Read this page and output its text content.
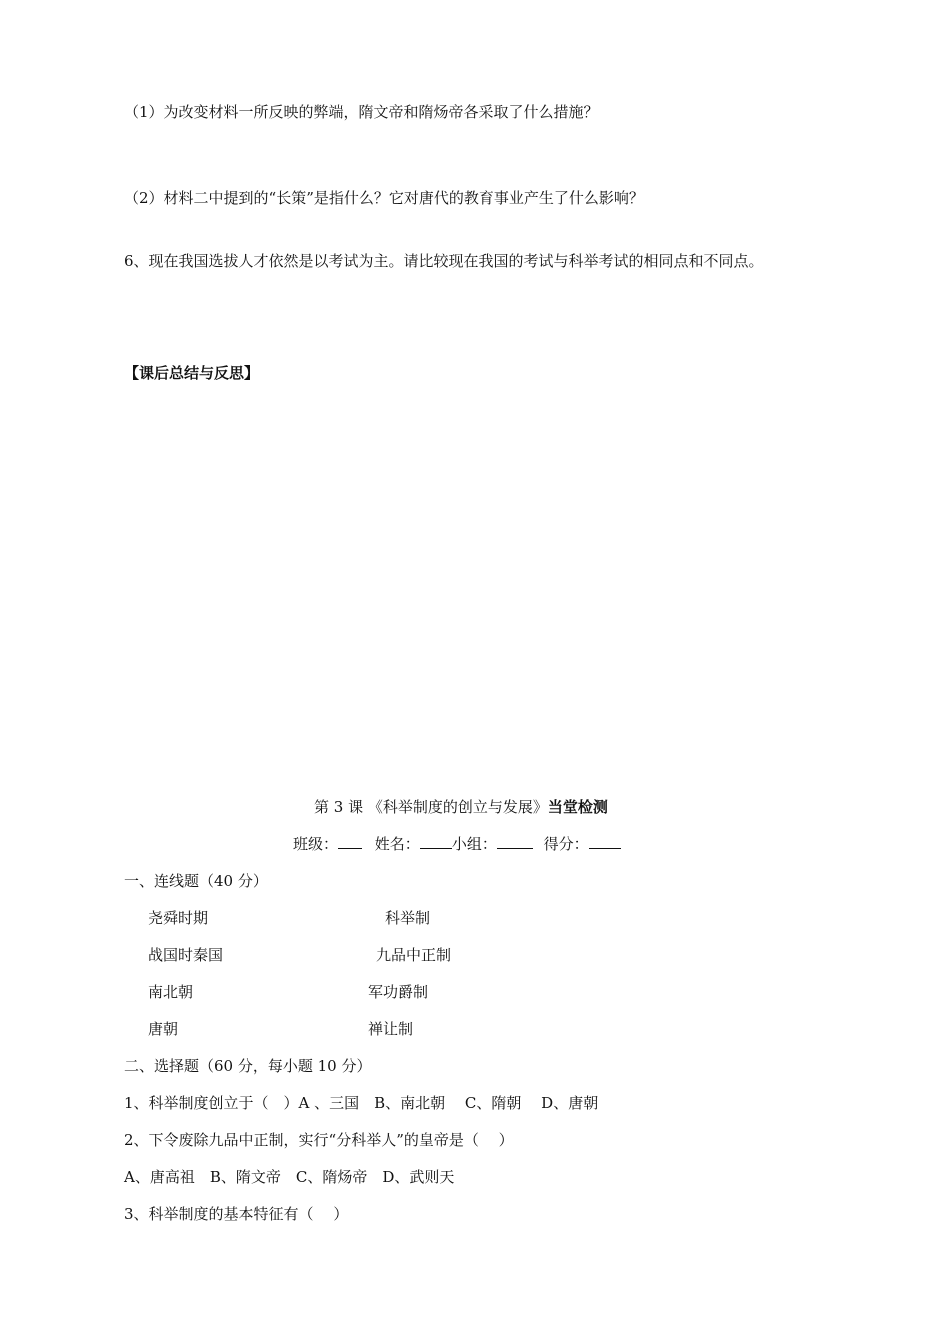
（1）为改变材料一所反映的弊端，隋文帝和隋炀帝各采取了什么措施？
（2）材料二中提到的“长策”是指什么？它对唐代的教育事业产生了什么影响？
6、现在我国选拔人才依然是以考试为主。请比较现在我国的考试与科举考试的相同点和不同点。
【课后总结与反思】
第 3 课 《科举制度的创立与发展》当堂检测
班级： 姓名： 小组：	得分：
一、连线题（40 分）
尧舜时期	科举制
战国时秦国	九品中正制
南北朝	军功爵制
唐朝	禅让制
二、选择题（60 分，每小题 10 分）
1、科举制度创立于（　）A 、三国　B、南北朝　 C、隋朝　 D、唐朝
2、下令废除九品中正制，实行“分科举人”的皇帝是（　 ）
A、唐高祖　B、隋文帝　C、隋炀帝　D、武则天
3、科举制度的基本特征有（　 ）
